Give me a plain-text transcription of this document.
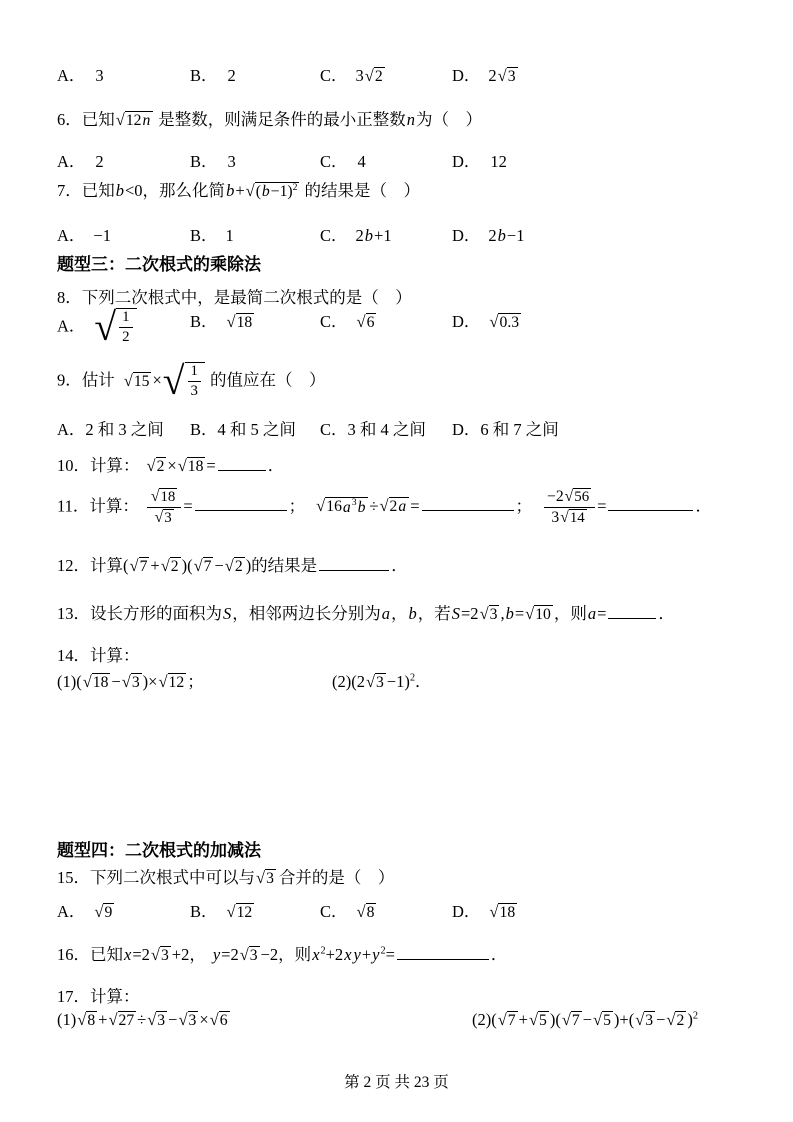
A． 3	B． 2	C． 3 √ 2	D． 2 √ 3
6．已知 √ 12n 是整数，则满足条件的最小正整数n为（　）
A． 2	B． 3	C． 4	D． 12
7．已知b<0，那么化简b+ √ $(b-1)^2$ 的结果是（　）
A． −1	B． 1	C． 2b+1	D． 2b−1
题型三：二次根式的乘除法
8．下列二次根式中，是最简二次根式的是（　）
A． √ $\frac{1}{2}$	B． √ 18	C． √ 6	D． √ 0.3
9．估计 √ 15 × √ $\frac{1}{3}$ 的值应在（　）
A．2 和 3 之间 B．4 和 5 之间 C．3 和 4 之间 D．6 和 7 之间
10．计算： √ 2 × √ 18 =	．
11．计算： $\frac{√ 18}{√ 3}$ =	； √ $16a^3b$ ÷ √ 2a =	； $\frac{-2 √ 56}{3 √ 14}$ =	．
12．计算( √ 7 + √ 2 )( √ 7 − √ 2 )的结果是	．
13．设长方形的面积为S，相邻两边长分别为a，b，若S=2 √ 3 ,b= √ 10 ，则a=	．
14．计算：
(1)( √ 18 − √ 3 )× √ 12 ；	(2)(2 √ 3 −1)$^2$．
题型四：二次根式的加减法
15．下列二次根式中可以与 √ 3 合并的是（　）
A． √ 9	B． √ 12	C． √ 8	D． √ 18
16．已知x=2 √ 3 +2， y=2 √ 3 −2，则$x^2+2x$ $y+y^2=$	．
17．计算：
(1) √ 8 + √ 27 ÷ √ 3 − √ 3 × √ 6	(2)( √ 7 + √ 5 )( √ 7 − √ 5 )+( √ 3 − √ 2 )$^2$
第 2 页 共 23 页
